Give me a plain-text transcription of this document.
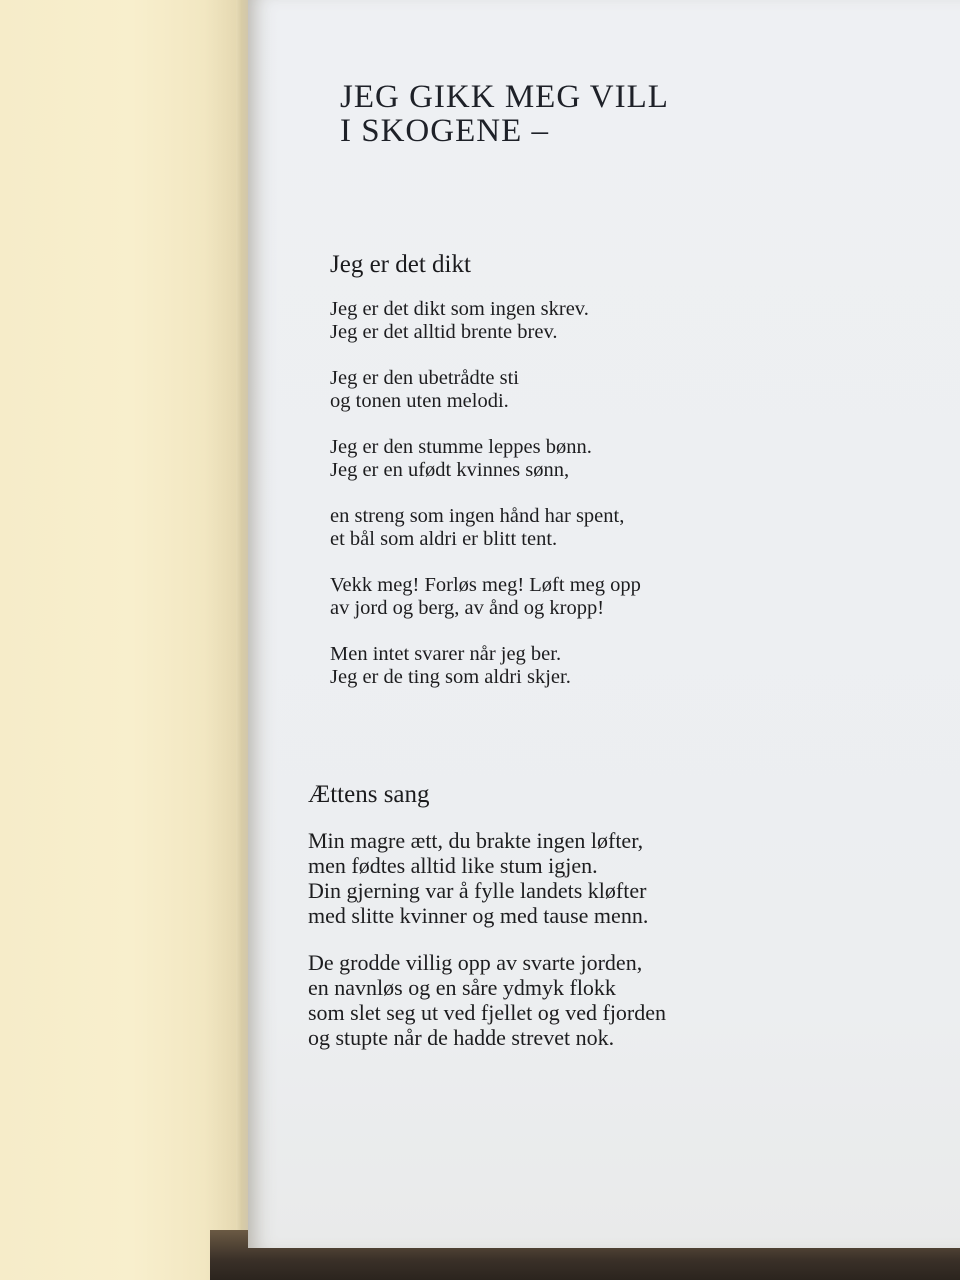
JEG GIKK MEG VILL
I SKOGENE –
Jeg er det dikt
Jeg er det dikt som ingen skrev.
Jeg er det alltid brente brev.
Jeg er den ubetrådte sti
og tonen uten melodi.
Jeg er den stumme leppes bønn.
Jeg er en ufødt kvinnes sønn,
en streng som ingen hånd har spent,
et bål som aldri er blitt tent.
Vekk meg! Forløs meg! Løft meg opp
av jord og berg, av ånd og kropp!
Men intet svarer når jeg ber.
Jeg er de ting som aldri skjer.
Ættens sang
Min magre ætt, du brakte ingen løfter,
men fødtes alltid like stum igjen.
Din gjerning var å fylle landets kløfter
med slitte kvinner og med tause menn.
De grodde villig opp av svarte jorden,
en navnløs og en såre ydmyk flokk
som slet seg ut ved fjellet og ved fjorden
og stupte når de hadde strevet nok.
